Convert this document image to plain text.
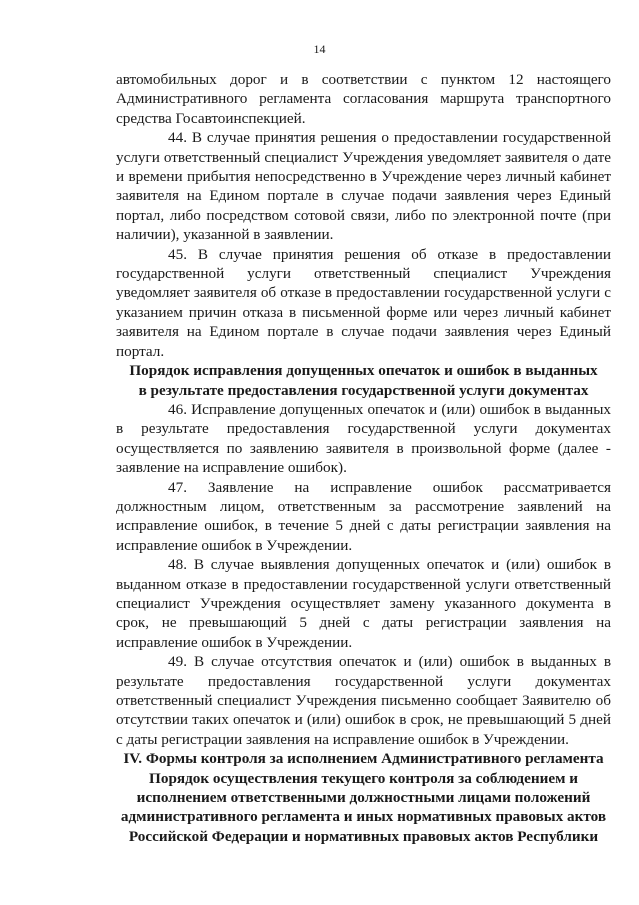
14

автомобильных дорог и в соответствии с пунктом 12 настоящего Административного регламента согласования маршрута транспортного средства Госавтоинспекцией.

44. В случае принятия решения о предоставлении государственной услуги ответственный специалист Учреждения уведомляет заявителя о дате и времени прибытия непосредственно в Учреждение через личный кабинет заявителя на Едином портале в случае подачи заявления через Единый портал, либо посредством сотовой связи, либо по электронной почте (при наличии), указанной в заявлении.

45. В случае принятия решения об отказе в предоставлении государственной услуги ответственный специалист Учреждения уведомляет заявителя об отказе в предоставлении государственной услуги с указанием причин отказа в письменной форме или через личный кабинет заявителя на Едином портале в случае подачи заявления через Единый портал.

Порядок исправления допущенных опечаток и ошибок в выданных в результате предоставления государственной услуги документах

46. Исправление допущенных опечаток и (или) ошибок в выданных в результате предоставления государственной услуги документах осуществляется по заявлению заявителя в произвольной форме (далее - заявление на исправление ошибок).

47. Заявление на исправление ошибок рассматривается должностным лицом, ответственным за рассмотрение заявлений на исправление ошибок, в течение 5 дней с даты регистрации заявления на исправление ошибок в Учреждении.

48. В случае выявления допущенных опечаток и (или) ошибок в выданном отказе в предоставлении государственной услуги ответственный специалист Учреждения осуществляет замену указанного документа в срок, не превышающий 5 дней с даты регистрации заявления на исправление ошибок в Учреждении.

49. В случае отсутствия опечаток и (или) ошибок в выданных в результате предоставления государственной услуги документах ответственный специалист Учреждения письменно сообщает Заявителю об отсутствии таких опечаток и (или) ошибок в срок, не превышающий 5 дней с даты регистрации заявления на исправление ошибок в Учреждении.

IV. Формы контроля за исполнением Административного регламента
Порядок осуществления текущего контроля за соблюдением и исполнением ответственными должностными лицами положений административного регламента и иных нормативных правовых актов Российской Федерации и нормативных правовых актов Республики
